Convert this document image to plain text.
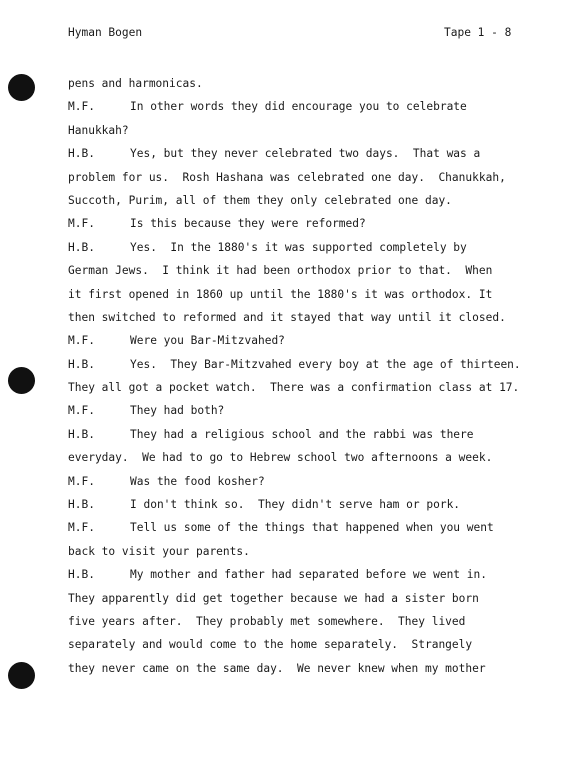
Hyman Bogen	Tape 1 - 8
pens and harmonicas.
M.F.	In other words they did encourage you to celebrate
Hanukkah?
H.B.	Yes, but they never celebrated two days.  That was a
problem for us.  Rosh Hashana was celebrated one day.  Chanukkah,
Succoth, Purim, all of them they only celebrated one day.
M.F.	Is this because they were reformed?
H.B.	Yes.  In the 1880's it was supported completely by
German Jews.  I think it had been orthodox prior to that.  When
it first opened in 1860 up until the 1880's it was orthodox. It
then switched to reformed and it stayed that way until it closed.
M.F.	Were you Bar-Mitzvahed?
H.B.	Yes.  They Bar-Mitzvahed every boy at the age of thirteen.
They all got a pocket watch.  There was a confirmation class at 17.
M.F.	They had both?
H.B.	They had a religious school and the rabbi was there
everyday.  We had to go to Hebrew school two afternoons a week.
M.F.	Was the food kosher?
H.B.	I don't think so.  They didn't serve ham or pork.
M.F.	Tell us some of the things that happened when you went
back to visit your parents.
H.B.	My mother and father had separated before we went in.
They apparently did get together because we had a sister born
five years after.  They probably met somewhere.  They lived
separately and would come to the home separately.  Strangely
they never came on the same day.  We never knew when my mother
